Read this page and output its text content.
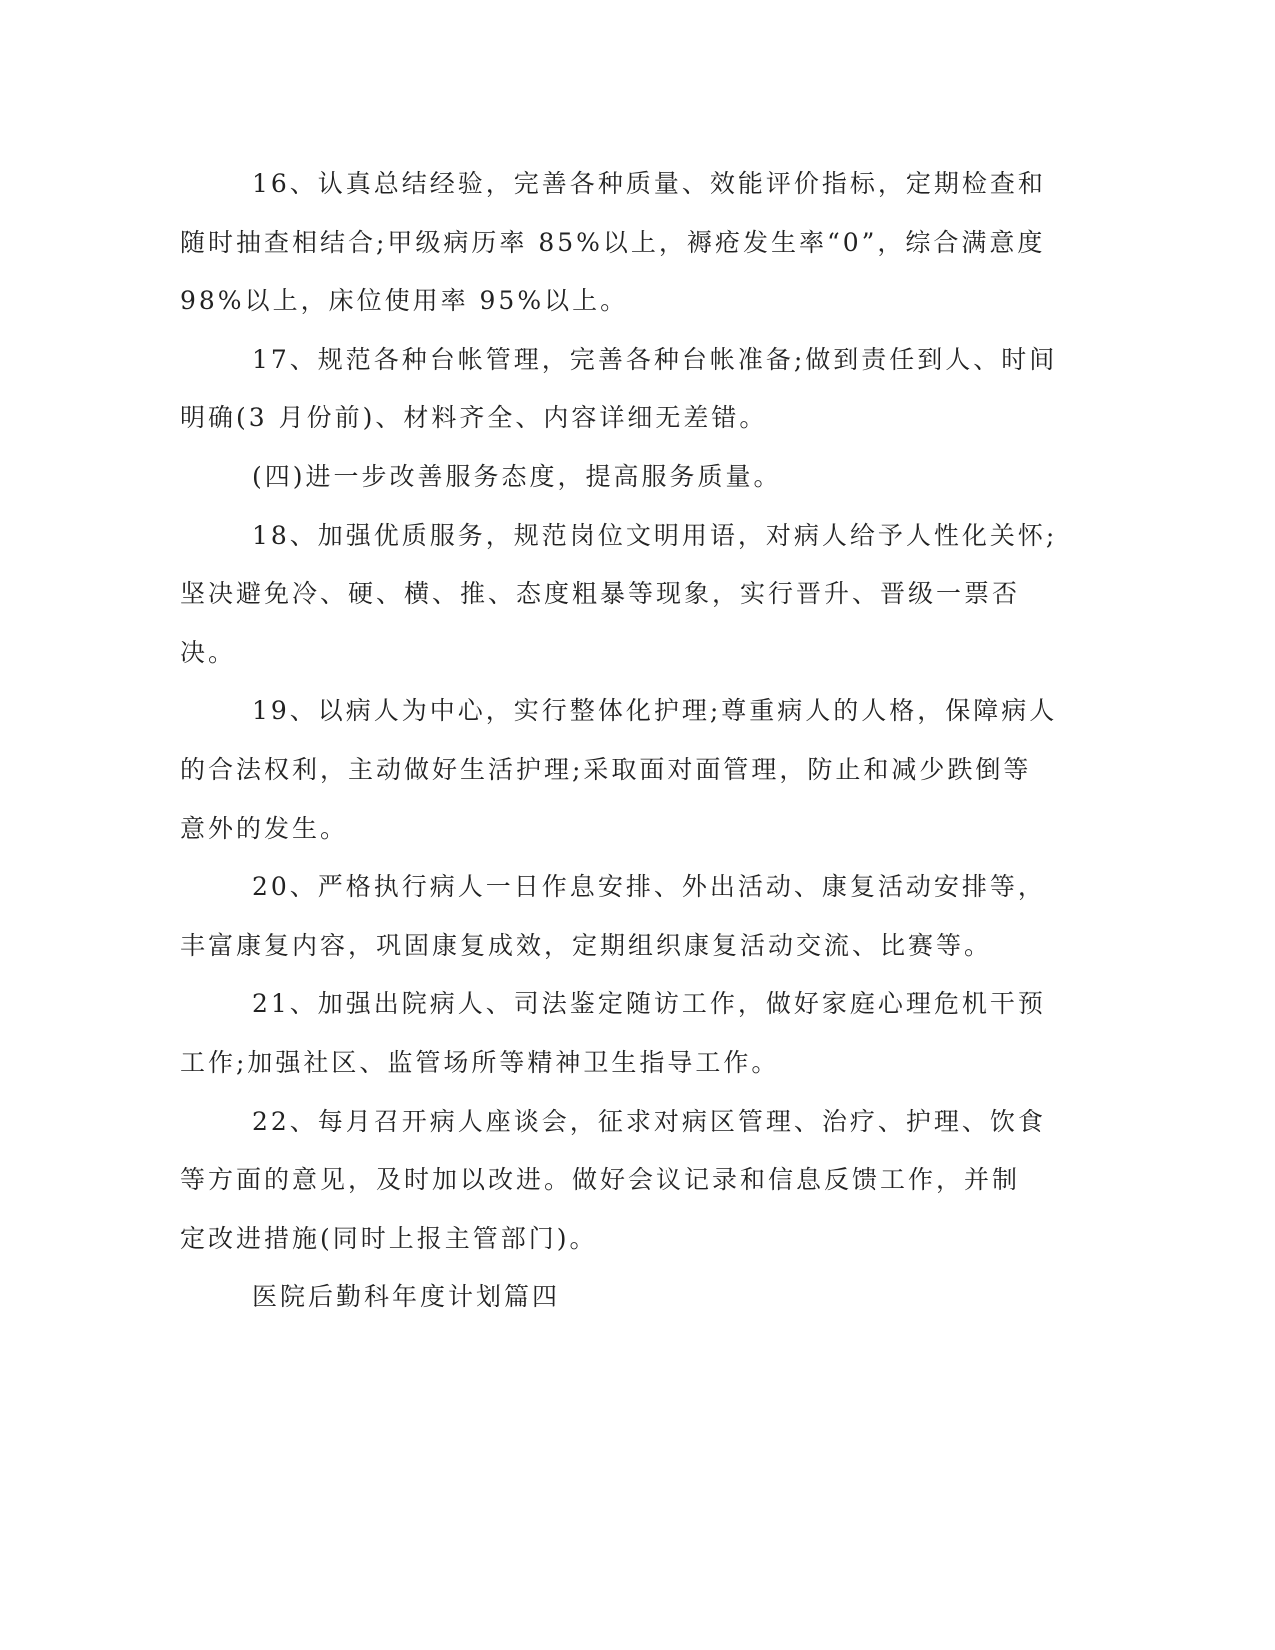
16、认真总结经验，完善各种质量、效能评价指标，定期检查和
随时抽查相结合;甲级病历率 85%以上，褥疮发生率“0”，综合满意度
98%以上，床位使用率 95%以上。
17、规范各种台帐管理，完善各种台帐准备;做到责任到人、时间
明确(3 月份前)、材料齐全、内容详细无差错。
(四)进一步改善服务态度，提高服务质量。
18、加强优质服务，规范岗位文明用语，对病人给予人性化关怀;
坚决避免冷、硬、横、推、态度粗暴等现象，实行晋升、晋级一票否
决。
19、以病人为中心，实行整体化护理;尊重病人的人格，保障病人
的合法权利，主动做好生活护理;采取面对面管理，防止和减少跌倒等
意外的发生。
20、严格执行病人一日作息安排、外出活动、康复活动安排等，
丰富康复内容，巩固康复成效，定期组织康复活动交流、比赛等。
21、加强出院病人、司法鉴定随访工作，做好家庭心理危机干预
工作;加强社区、监管场所等精神卫生指导工作。
22、每月召开病人座谈会，征求对病区管理、治疗、护理、饮食
等方面的意见，及时加以改进。做好会议记录和信息反馈工作，并制
定改进措施(同时上报主管部门)。
医院后勤科年度计划篇四
